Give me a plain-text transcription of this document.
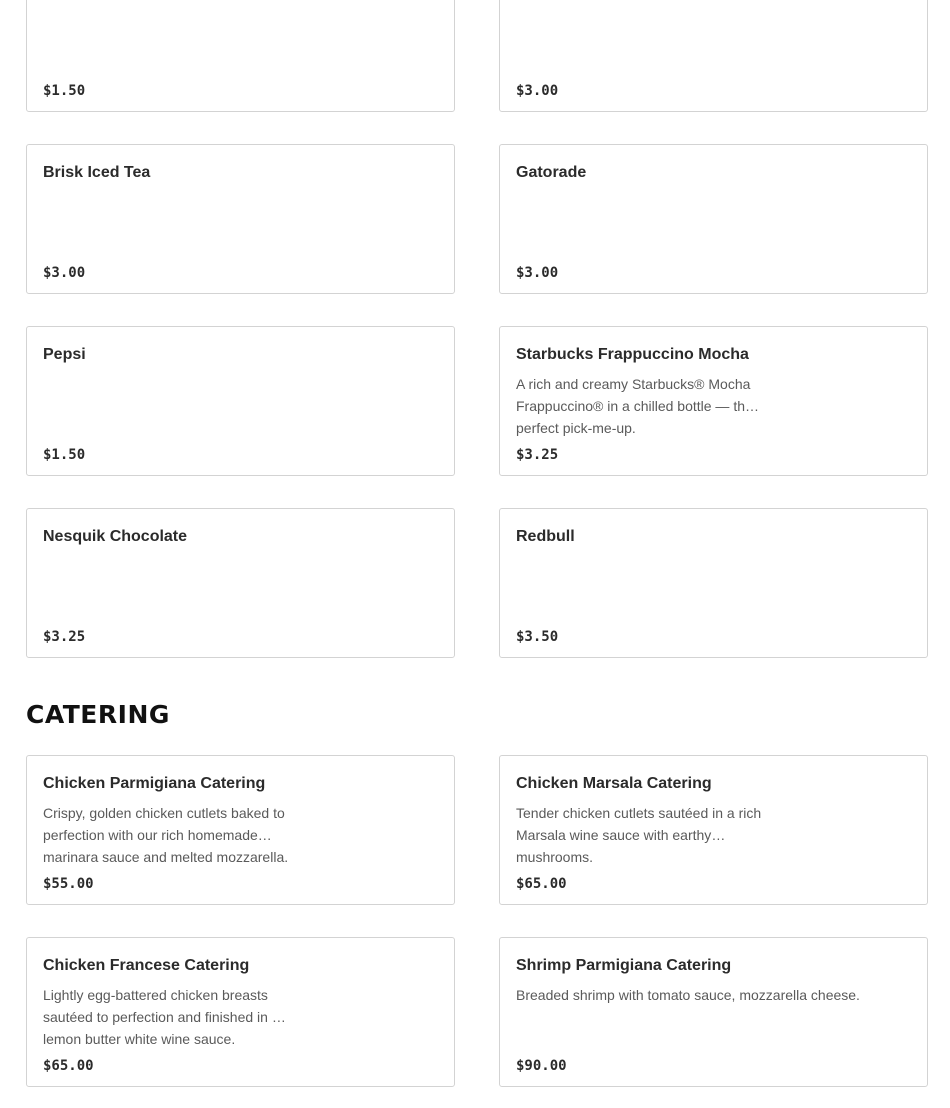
$1.50	$3.00
Brisk Iced Tea
$3.00
Gatorade
$3.00
Pepsi
$1.50
Starbucks Frappuccino Mocha
A rich and creamy Starbucks® Mocha Frappuccino® in a chilled bottle — the perfect pick-me-up.
$3.25
Nesquik Chocolate
$3.25
Redbull
$3.50
CATERING
Chicken Parmigiana Catering
Crispy, golden chicken cutlets baked to perfection with our rich homemade marinara sauce and melted mozzarella.
$55.00
Chicken Marsala Catering
Tender chicken cutlets sautéed in a rich Marsala wine sauce with earthy mushrooms.
$65.00
Chicken Francese Catering
Lightly egg-battered chicken breasts sautéed to perfection and finished in a lemon butter white wine sauce.
$65.00
Shrimp Parmigiana Catering
Breaded shrimp with tomato sauce, mozzarella cheese.
$90.00
